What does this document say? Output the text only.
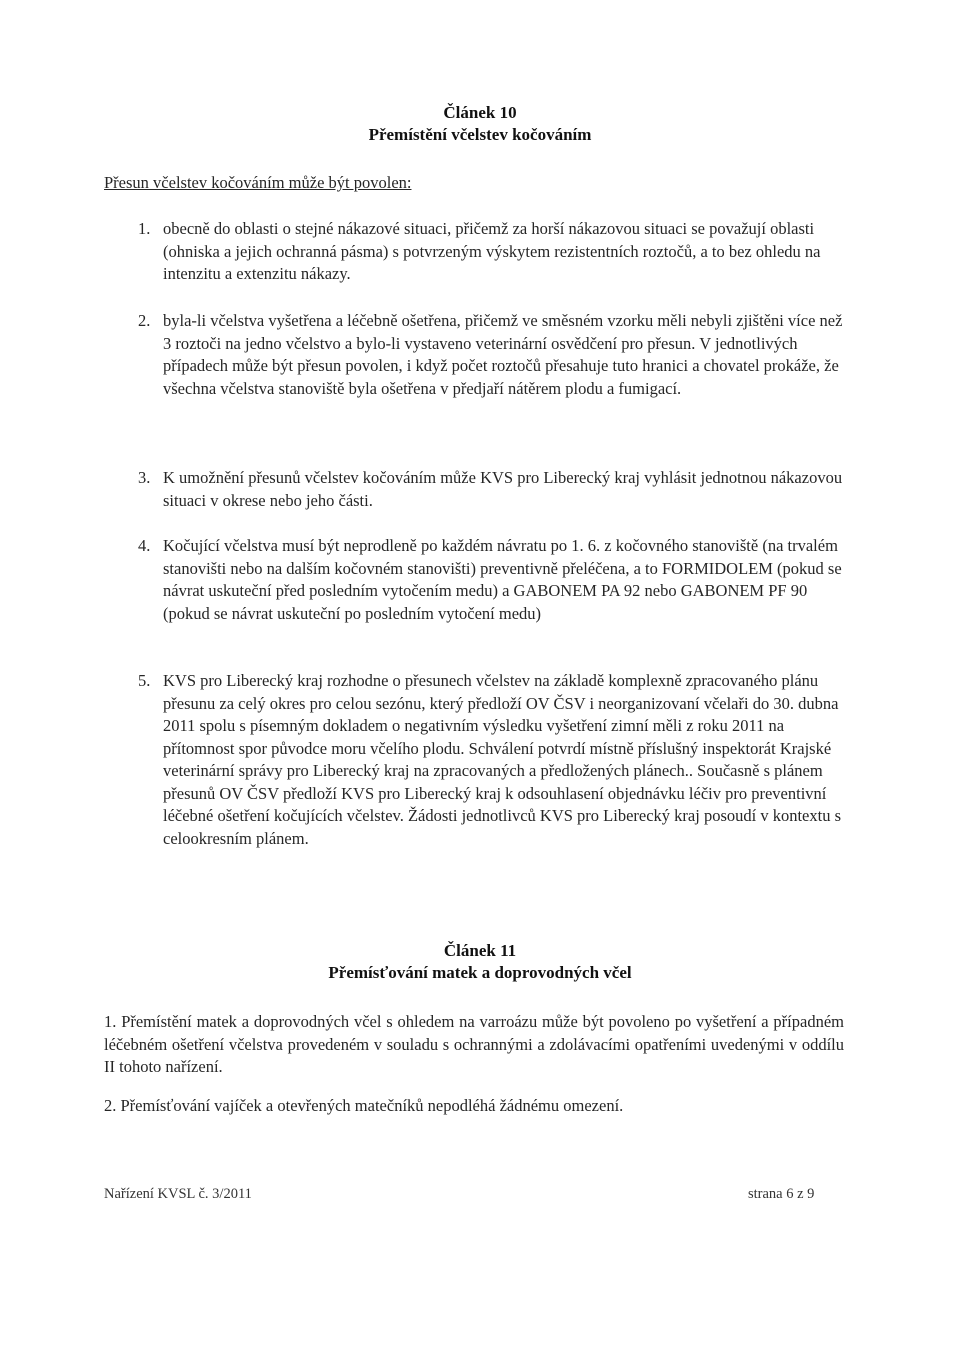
Článek 10
Přemístění včelstev kočováním
Přesun včelstev kočováním může být povolen:
1. obecně do oblasti o stejné nákazové situaci, přičemž za horší nákazovou situaci se považují oblasti (ohniska a jejich ochranná pásma) s potvrzeným výskytem rezistentních roztočů, a to bez ohledu na intenzitu a extenzitu nákazy.
2. byla-li včelstva vyšetřena a léčebně ošetřena, přičemž ve směsném vzorku měli nebyli zjištěni více než 3 roztoči na jedno včelstvo a bylo-li vystaveno veterinární osvědčení pro přesun. V jednotlivých případech může být přesun povolen, i když počet roztočů přesahuje tuto hranici a chovatel prokáže, že všechna včelstva stanoviště byla ošetřena v předjaří nátěrem plodu a fumigací.
3. K umožnění přesunů včelstev kočováním může KVS pro Liberecký kraj vyhlásit jednotnou nákazovou situaci v okrese nebo jeho části.
4. Kočující včelstva musí být neprodleně po každém návratu po 1. 6. z kočovného stanoviště (na trvalém stanovišti nebo na dalším kočovném stanovišti) preventivně přeléčena, a to FORMIDOLEM (pokud se návrat uskuteční před posledním vytočením medu) a GABONEM PA 92 nebo GABONEM PF 90 (pokud se návrat uskuteční po posledním vytočení medu)
5. KVS pro Liberecký kraj rozhodne o přesunech včelstev na základě komplexně zpracovaného plánu přesunu za celý okres pro celou sezónu, který předloží OV ČSV i neorganizovaní včelaři do 30. dubna 2011 spolu s písemným dokladem o negativním výsledku vyšetření zimní měli z roku 2011 na přítomnost spor původce moru včelího plodu. Schválení potvrdí místně příslušný inspektorát Krajské veterinární správy pro Liberecký kraj na zpracovaných a předložených plánech.. Současně s plánem přesunů OV ČSV předloží KVS pro Liberecký kraj k odsouhlasení objednávku léčiv pro preventivní léčebné ošetření kočujících včelstev. Žádosti jednotlivců KVS pro Liberecký kraj posoudí v kontextu s celookresním plánem.
Článek 11
Přemísťování matek a doprovodných včel
1. Přemístění matek a doprovodných včel s ohledem na varroázu může být povoleno po vyšetření a případném léčebném ošetření včelstva provedeném v souladu s ochrannými a zdolávacími opatřeními uvedenými v oddílu II tohoto nařízení.
2. Přemísťování vajíček a otevřených matečníků nepodléhá žádnému omezení.
Nařízení KVSL č. 3/2011	strana 6 z 9
